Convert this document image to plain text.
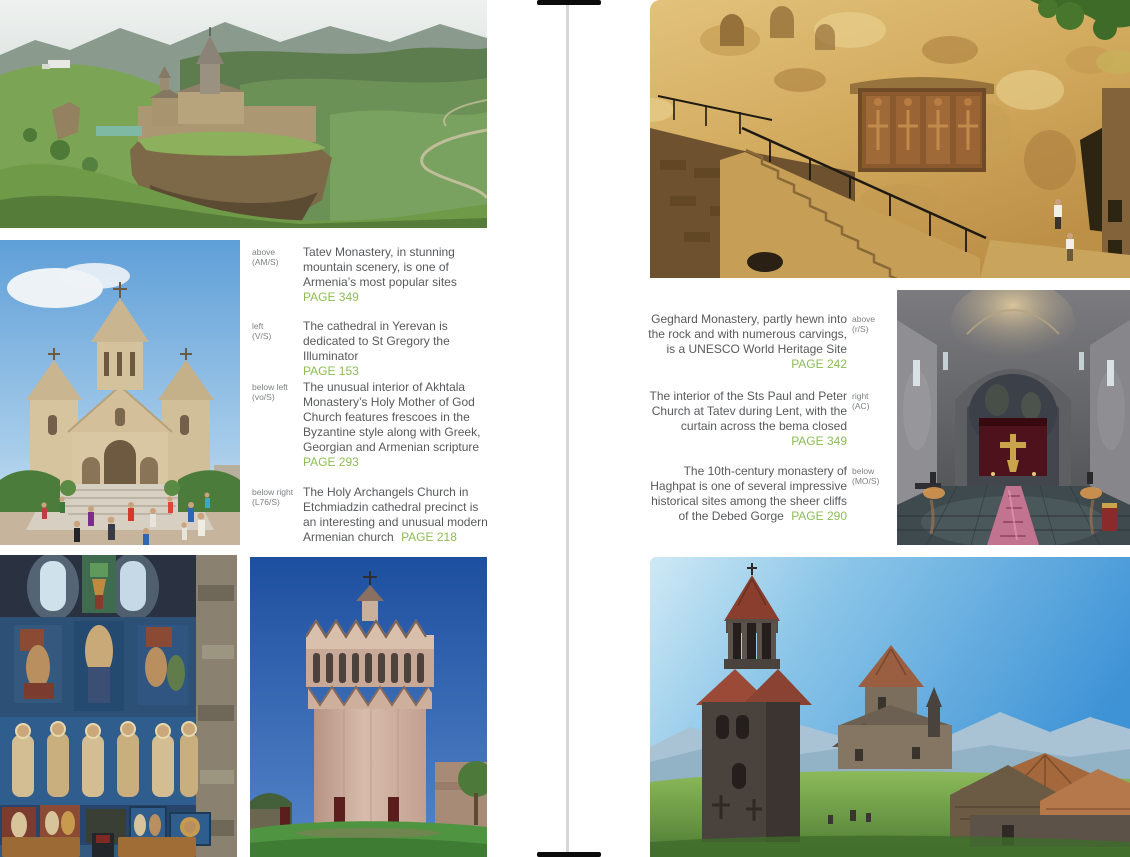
above
(AM/S)
Tatev Monastery, in stunning mountain scenery, is one of Armenia’s most popular sites
PAGE 349
left
(V/S)
The cathedral in Yerevan is dedicated to St Gregory the Illuminator
PAGE 153
below left
(vo/S)
The unusual interior of Akhtala Monastery’s Holy Mother of God Church features frescoes in the Byzantine style along with Greek, Georgian and Armenian scripture
PAGE 293
below right
(L76/S)
The Holy Archangels Church in Etchmiadzin cathedral precinct is an interesting and unusual modern Armenian church PAGE 218
Geghard Monastery, partly hewn into the rock and with numerous carvings, is a UNESCO World Heritage Site PAGE 242
above
(r/S)
The interior of the Sts Paul and Peter Church at Tatev during Lent, with the curtain across the bema closed
PAGE 349
right
(AC)
The 10th-century monastery of Haghpat is one of several impressive historical sites among the sheer cliffs of the Debed Gorge PAGE 290
below
(MO/S)
